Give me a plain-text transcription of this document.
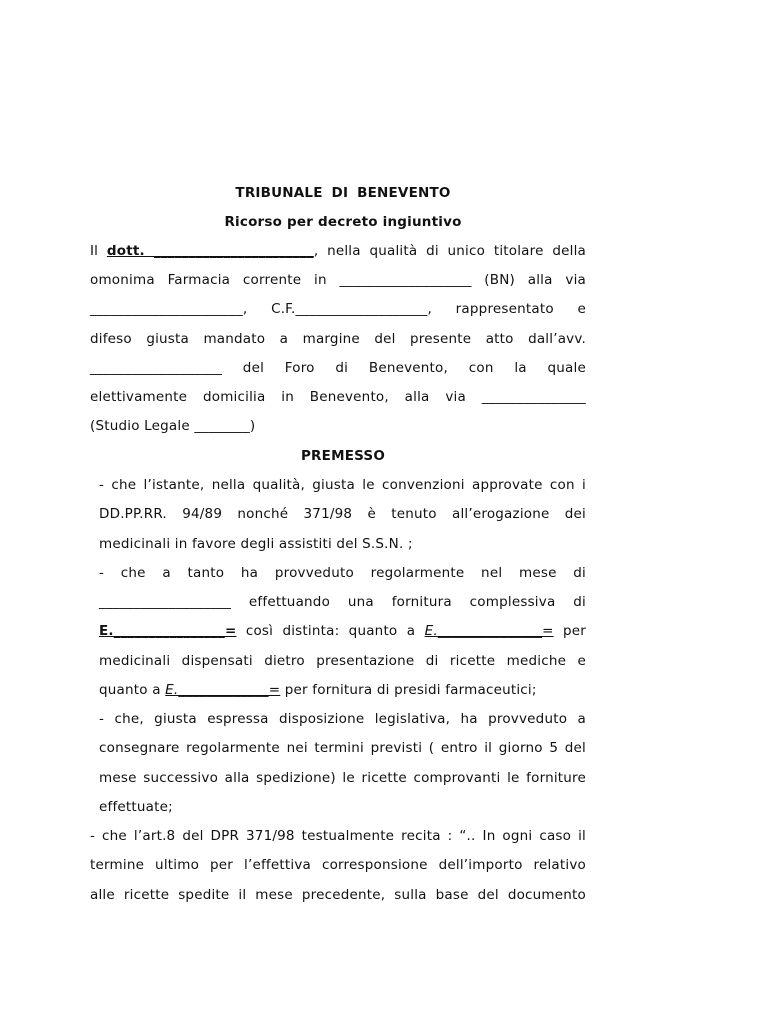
TRIBUNALE DI BENEVENTO
Ricorso per decreto ingiuntivo
Il dott. _______________________, nella qualità di unico titolare della
omonima Farmacia corrente in ___________________ (BN) alla via
______________________, C.F.___________________, rappresentato e
difeso giusta mandato a margine del presente atto dall’avv.
___________________ del Foro di Benevento, con la quale
elettivamente domicilia in Benevento, alla via _______________
(Studio Legale ________)
PREMESSO
- che l’istante, nella qualità, giusta le convenzioni approvate con i
DD.PP.RR. 94/89 nonché 371/98 è tenuto all’erogazione dei
medicinali in favore degli assistiti del S.S.N. ;
- che a tanto ha provveduto regolarmente nel mese di
___________________ effettuando una fornitura complessiva di
E.________________= così distinta: quanto a E._______________= per
medicinali dispensati dietro presentazione di ricette mediche e
quanto a E._____________= per fornitura di presidi farmaceutici;
- che, giusta espressa disposizione legislativa, ha provveduto a
consegnare regolarmente nei termini previsti ( entro il giorno 5 del
mese successivo alla spedizione) le ricette comprovanti le forniture
effettuate;
- che l’art.8 del DPR 371/98 testualmente recita : “.. In ogni caso il
termine ultimo per l’effettiva corresponsione dell’importo relativo
alle ricette spedite il mese precedente, sulla base del documento
